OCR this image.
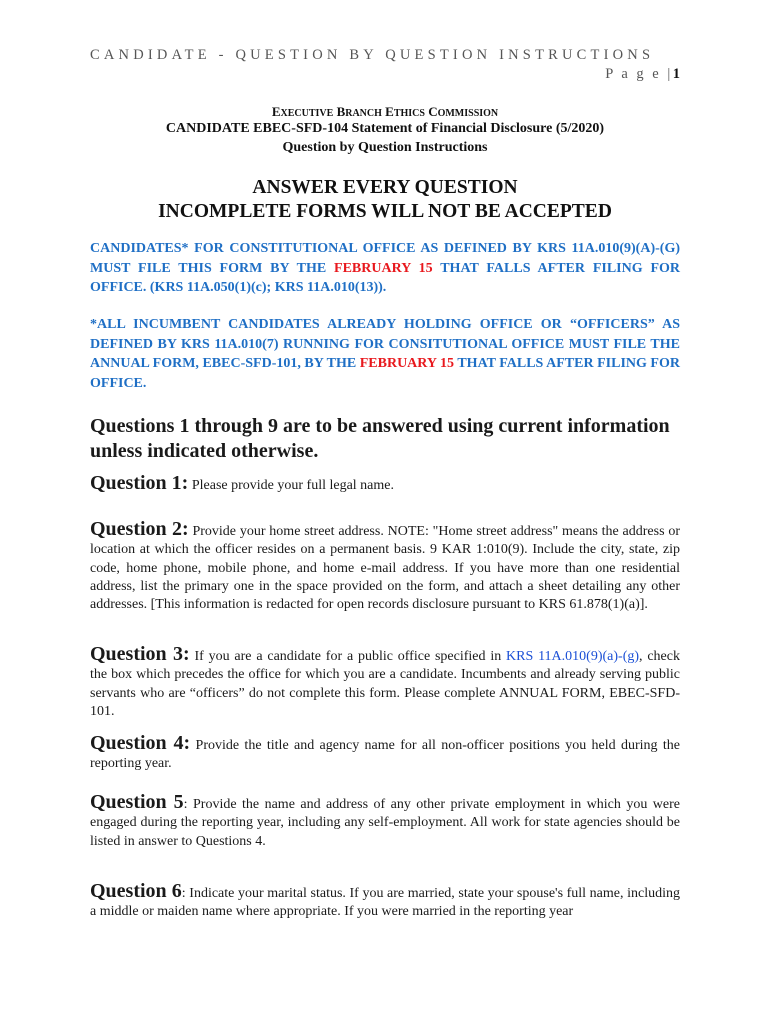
CANDIDATE - QUESTION BY QUESTION INSTRUCTIONS
P a g e |1
EXECUTIVE BRANCH ETHICS COMMISSION
CANDIDATE EBEC-SFD-104 Statement of Financial Disclosure (5/2020)
Question by Question Instructions
ANSWER EVERY QUESTION
INCOMPLETE FORMS WILL NOT BE ACCEPTED
CANDIDATES* FOR CONSTITUTIONAL OFFICE AS DEFINED BY KRS 11A.010(9)(A)-(G) MUST FILE THIS FORM BY THE FEBRUARY 15 THAT FALLS AFTER FILING FOR OFFICE. (KRS 11A.050(1)(c); KRS 11A.010(13)).
*ALL INCUMBENT CANDIDATES ALREADY HOLDING OFFICE OR “OFFICERS” AS DEFINED BY KRS 11A.010(7) RUNNING FOR CONSITUTIONAL OFFICE MUST FILE THE ANNUAL FORM, EBEC-SFD-101, BY THE FEBRUARY 15 THAT FALLS AFTER FILING FOR OFFICE.
Questions 1 through 9 are to be answered using current information unless indicated otherwise.
Question 1: Please provide your full legal name.
Question 2: Provide your home street address. NOTE: "Home street address" means the address or location at which the officer resides on a permanent basis. 9 KAR 1:010(9). Include the city, state, zip code, home phone, mobile phone, and home e-mail address. If you have more than one residential address, list the primary one in the space provided on the form, and attach a sheet detailing any other addresses. [This information is redacted for open records disclosure pursuant to KRS 61.878(1)(a)].
Question 3: If you are a candidate for a public office specified in KRS 11A.010(9)(a)-(g), check the box which precedes the office for which you are a candidate. Incumbents and already serving public servants who are “officers” do not complete this form. Please complete ANNUAL FORM, EBEC-SFD-101.
Question 4: Provide the title and agency name for all non-officer positions you held during the reporting year.
Question 5: Provide the name and address of any other private employment in which you were engaged during the reporting year, including any self-employment. All work for state agencies should be listed in answer to Questions 4.
Question 6: Indicate your marital status. If you are married, state your spouse's full name, including a middle or maiden name where appropriate. If you were married in the reporting year
